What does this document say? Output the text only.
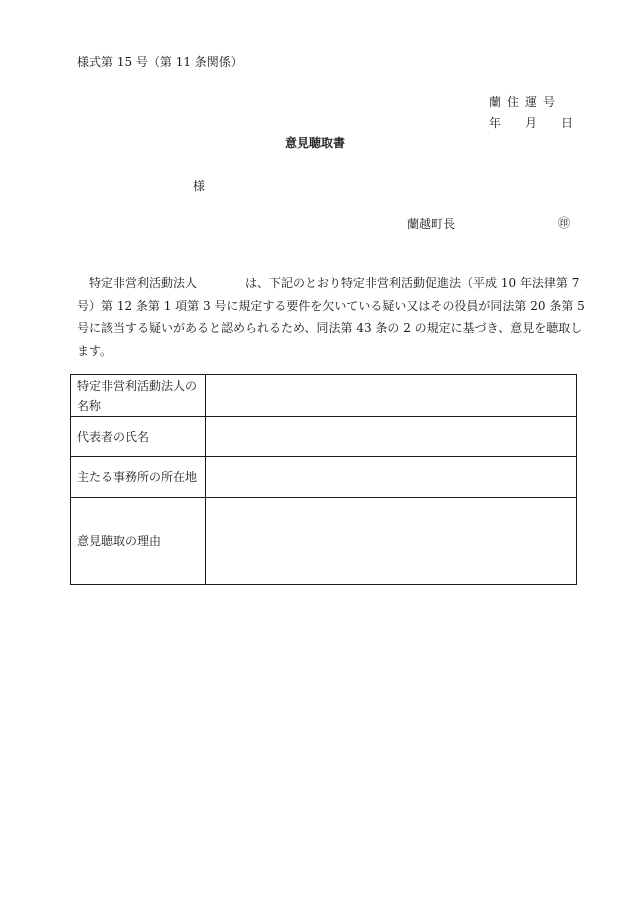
様式第 15 号（第 11 条関係）
蘭住運号
年 月 日
意見聴取書
様
蘭越町長	㊞
　特定非営利活動法人	は、下記のとおり特定非営利活動促進法（平成 10 年法律第 7
号）第 12 条第 1 項第 3 号に規定する要件を欠いている疑い又はその役員が同法第 20 条第 5
号に該当する疑いがあると認められるため、同法第 43 条の 2 の規定に基づき、意見を聴取し
ます。
特定非営利活動法人の名称	
代表者の氏名	
主たる事務所の所在地	
意見聴取の理由	
